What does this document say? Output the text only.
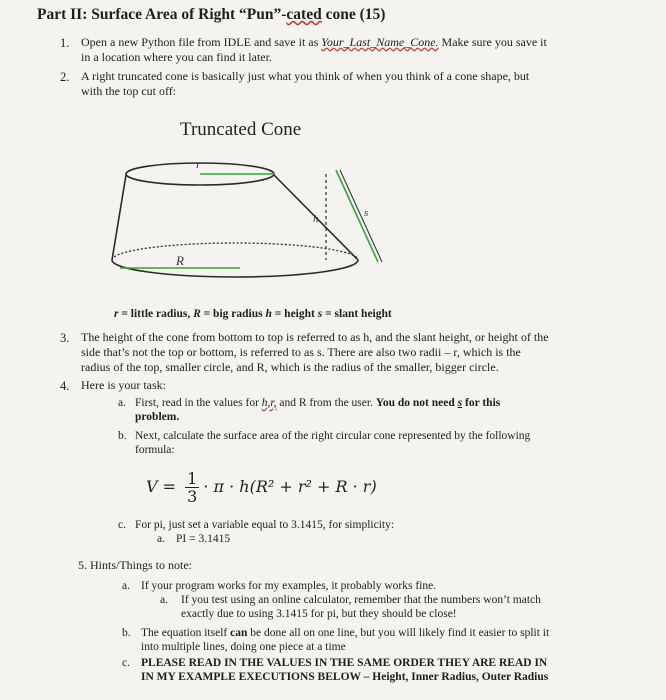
Part II: Surface Area of Right “Pun”-cated cone (15)
1. Open a new Python file from IDLE and save it as Your_Last_Name_Cone. Make sure you save it
in a location where you can find it later.
2. A right truncated cone is basically just what you think of when you think of a cone shape, but
with the top cut off:
Truncated Cone
r
R
h	s
r = little radius, R = big radius h = height s = slant height
3. The height of the cone from bottom to top is referred to as h, and the slant height, or height of the
side that’s not the top or bottom, is referred to as s. There are also two radii – r, which is the
radius of the top, smaller circle, and R, which is the radius of the smaller, bigger circle.
4. Here is your task:
a. First, read in the values for h,r, and R from the user. You do not need s for this
problem.
b. Next, calculate the surface area of the right circular cone represented by the following
formula:
$V = \frac{1}{3} \cdot \pi \cdot h(R^2 + r^2 + R \cdot r)$
c. For pi, just set a variable equal to 3.1415, for simplicity:
a. PI = 3.1415
5. Hints/Things to note:
a. If your program works for my examples, it probably works fine.
a. If you test using an online calculator, remember that the numbers won’t match
exactly due to using 3.1415 for pi, but they should be close!
b. The equation itself can be done all on one line, but you will likely find it easier to split it
into multiple lines, doing one piece at a time
c. PLEASE READ IN THE VALUES IN THE SAME ORDER THEY ARE READ IN
IN MY EXAMPLE EXECUTIONS BELOW – Height, Inner Radius, Outer Radius
